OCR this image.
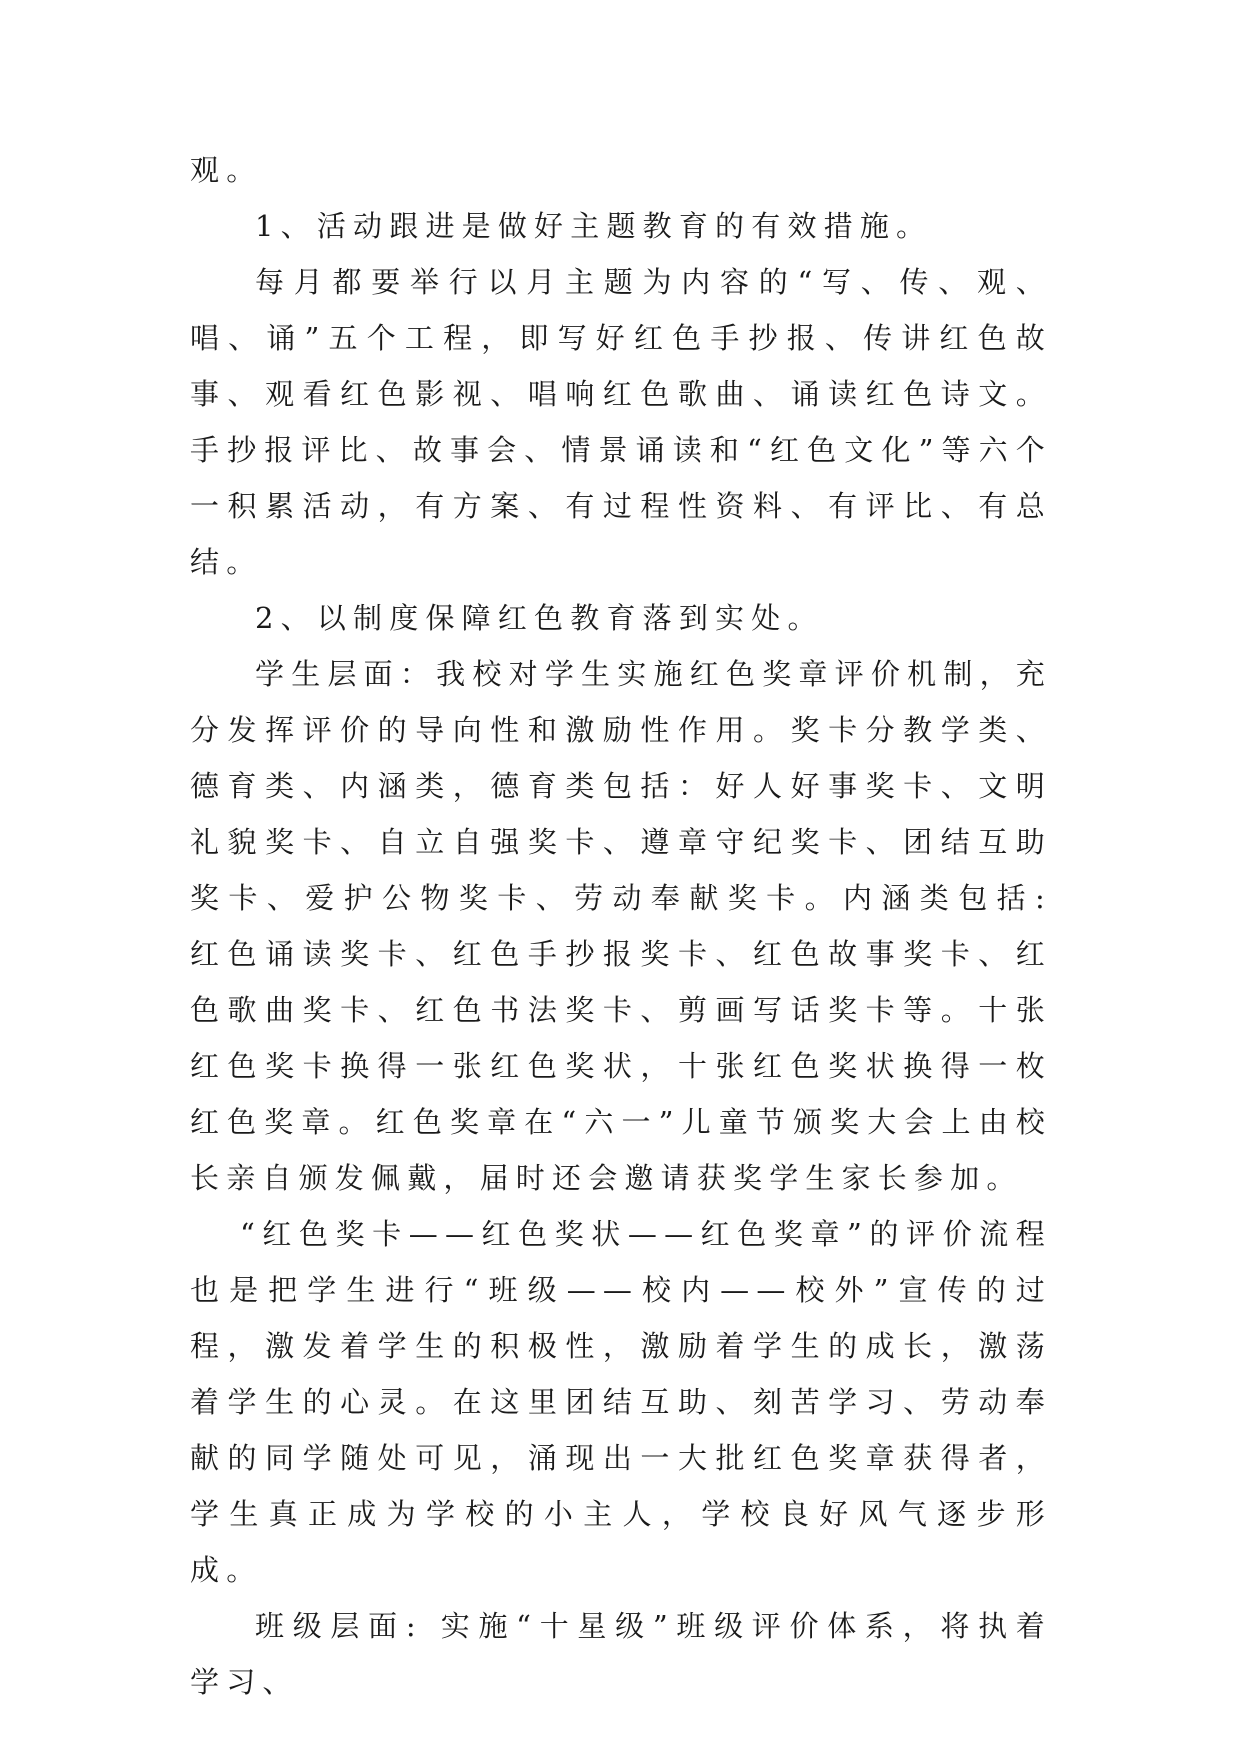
观。

1、活动跟进是做好主题教育的有效措施。

每月都要举行以月主题为内容的“写、传、观、唱、诵”五个工程，即写好红色手抄报、传讲红色故事、观看红色影视、唱响红色歌曲、诵读红色诗文。手抄报评比、故事会、情景诵读和“红色文化”等六个一积累活动，有方案、有过程性资料、有评比、有总结。

2、以制度保障红色教育落到实处。

学生层面：我校对学生实施红色奖章评价机制，充分发挥评价的导向性和激励性作用。奖卡分教学类、德育类、内涵类，德育类包括：好人好事奖卡、文明礼貌奖卡、自立自强奖卡、遵章守纪奖卡、团结互助奖卡、爱护公物奖卡、劳动奉献奖卡。内涵类包括: 红色诵读奖卡、红色手抄报奖卡、红色故事奖卡、红色歌曲奖卡、红色书法奖卡、剪画写话奖卡等。十张红色奖卡换得一张红色奖状，十张红色奖状换得一枚红色奖章。红色奖章在“六一”儿童节颁奖大会上由校长亲自颁发佩戴，届时还会邀请获奖学生家长参加。

“红色奖卡——红色奖状——红色奖章”的评价流程也是把学生进行“班级——校内——校外”宣传的过程，激发着学生的积极性，激励着学生的成长，激荡着学生的心灵。在这里团结互助、刻苦学习、劳动奉献的同学随处可见，涌现出一大批红色奖章获得者，学生真正成为学校的小主人，学校良好风气逐步形成。

班级层面: 实施“十星级”班级评价体系，将执着学习、
